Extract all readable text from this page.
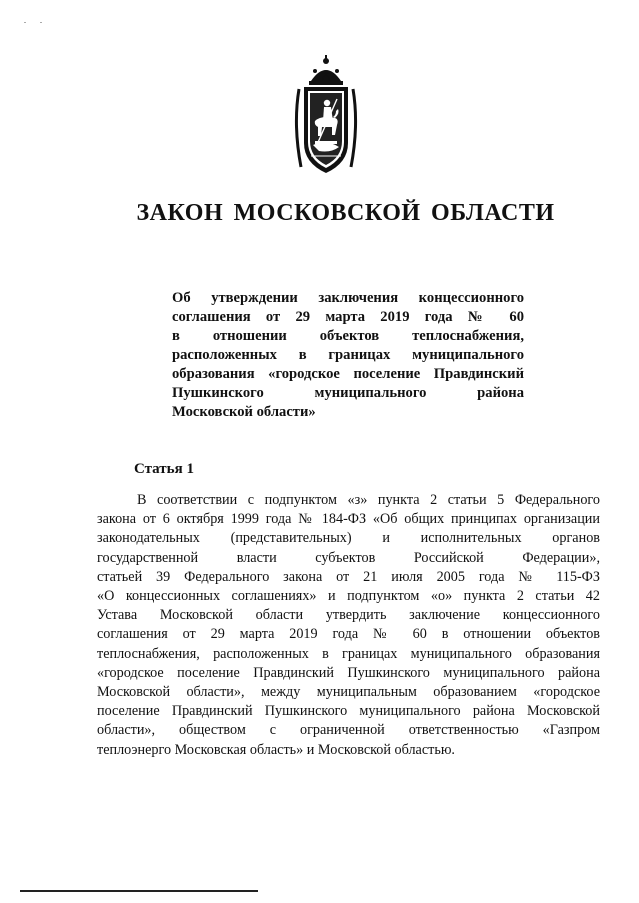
ЗАКОН МОСКОВСКОЙ ОБЛАСТИ
Об утверждении заключения концессионного
соглашения от 29 марта 2019 года № 60
в отношении объектов теплоснабжения,
расположенных в границах муниципального
образования «городское поселение Правдинский
Пушкинского муниципального района
Московской области»
Статья 1
В соответствии с подпунктом «з» пункта 2 статьи 5 Федерального
закона от 6 октября 1999 года № 184-ФЗ «Об общих принципах организации
законодательных (представительных) и исполнительных органов
государственной власти субъектов Российской Федерации»,
статьей 39 Федерального закона от 21 июля 2005 года № 115-ФЗ
«О концессионных соглашениях» и подпунктом «о» пункта 2 статьи 42
Устава Московской области утвердить заключение концессионного
соглашения от 29 марта 2019 года № 60 в отношении объектов
теплоснабжения, расположенных в границах муниципального образования
«городское поселение Правдинский Пушкинского муниципального района
Московской области», между муниципальным образованием «городское
поселение Правдинский Пушкинского муниципального района Московской
области», обществом с ограниченной ответственностью «Газпром
теплоэнерго Московская область» и Московской областью.
